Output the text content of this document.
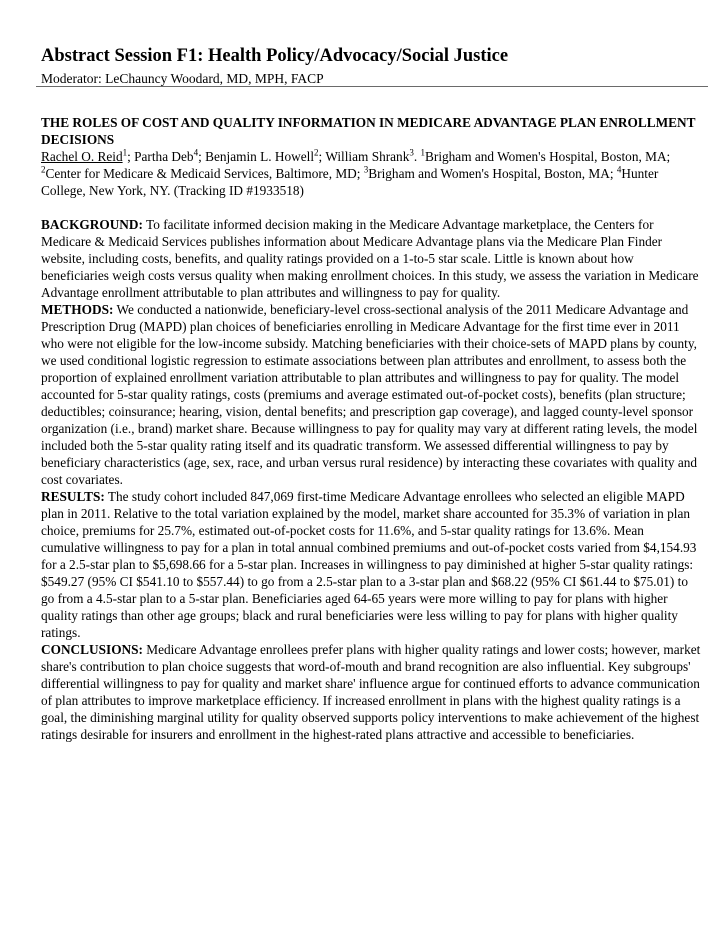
Abstract Session F1: Health Policy/Advocacy/Social Justice

Moderator: LeChauncy Woodard, MD, MPH, FACP

THE ROLES OF COST AND QUALITY INFORMATION IN MEDICARE ADVANTAGE PLAN ENROLLMENT DECISIONS

Rachel O. Reid$^1$; Partha Deb$^4$; Benjamin L. Howell$^2$; William Shrank$^3$. $^1$Brigham and Women's Hospital, Boston, MA; $^2$Center for Medicare & Medicaid Services, Baltimore, MD; $^3$Brigham and Women's Hospital, Boston, MA; $^4$Hunter College, New York, NY. (Tracking ID #1933518)

BACKGROUND: To facilitate informed decision making in the Medicare Advantage marketplace, the Centers for Medicare & Medicaid Services publishes information about Medicare Advantage plans via the Medicare Plan Finder website, including costs, benefits, and quality ratings provided on a 1-to-5 star scale. Little is known about how beneficiaries weigh costs versus quality when making enrollment choices. In this study, we assess the variation in Medicare Advantage enrollment attributable to plan attributes and willingness to pay for quality.

METHODS: We conducted a nationwide, beneficiary-level cross-sectional analysis of the 2011 Medicare Advantage and Prescription Drug (MAPD) plan choices of beneficiaries enrolling in Medicare Advantage for the first time ever in 2011 who were not eligible for the low-income subsidy. Matching beneficiaries with their choice-sets of MAPD plans by county, we used conditional logistic regression to estimate associations between plan attributes and enrollment, to assess both the proportion of explained enrollment variation attributable to plan attributes and willingness to pay for quality. The model accounted for 5-star quality ratings, costs (premiums and average estimated out-of-pocket costs), benefits (plan structure; deductibles; coinsurance; hearing, vision, dental benefits; and prescription gap coverage), and lagged county-level sponsor organization (i.e., brand) market share. Because willingness to pay for quality may vary at different rating levels, the model included both the 5-star quality rating itself and its quadratic transform. We assessed differential willingness to pay by beneficiary characteristics (age, sex, race, and urban versus rural residence) by interacting these covariates with quality and cost covariates.

RESULTS: The study cohort included 847,069 first-time Medicare Advantage enrollees who selected an eligible MAPD plan in 2011. Relative to the total variation explained by the model, market share accounted for 35.3% of variation in plan choice, premiums for 25.7%, estimated out-of-pocket costs for 11.6%, and 5-star quality ratings for 13.6%. Mean cumulative willingness to pay for a plan in total annual combined premiums and out-of-pocket costs varied from $4,154.93 for a 2.5-star plan to $5,698.66 for a 5-star plan. Increases in willingness to pay diminished at higher 5-star quality ratings: $549.27 (95% CI $541.10 to $557.44) to go from a 2.5-star plan to a 3-star plan and $68.22 (95% CI $61.44 to $75.01) to go from a 4.5-star plan to a 5-star plan. Beneficiaries aged 64-65 years were more willing to pay for plans with higher quality ratings than other age groups; black and rural beneficiaries were less willing to pay for plans with higher quality ratings.

CONCLUSIONS: Medicare Advantage enrollees prefer plans with higher quality ratings and lower costs; however, market share's contribution to plan choice suggests that word-of-mouth and brand recognition are also influential. Key subgroups' differential willingness to pay for quality and market share' influence argue for continued efforts to advance communication of plan attributes to improve marketplace efficiency. If increased enrollment in plans with the highest quality ratings is a goal, the diminishing marginal utility for quality observed supports policy interventions to make achievement of the highest ratings desirable for insurers and enrollment in the highest-rated plans attractive and accessible to beneficiaries.
